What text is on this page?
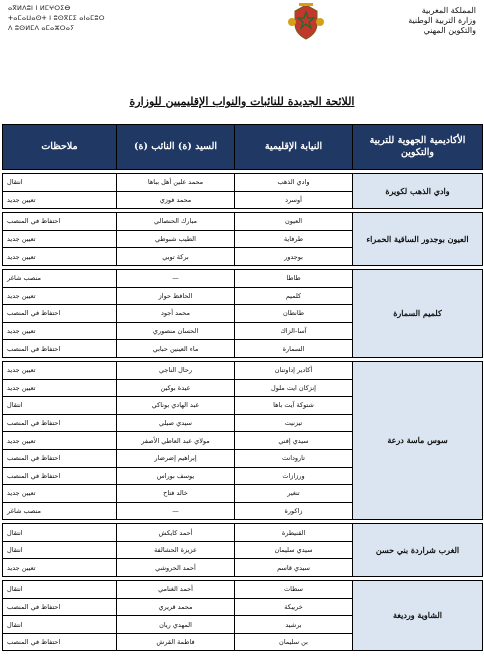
ⴰⴳⵍⴷⵓⵏ ⵏ ⵍⵎⵖⵔⵉⴱ
ⵜⴰⵎⴰⵡⴰⵙⵜ ⵏ ⵓⵙⴳⵎⵉ ⴰⵏⴰⵎⵓⵔ
ⴷ ⵓⵙⵍⵎⴷ ⴰⵎⴰⵣⵔⴰⵢ
المملكة المغربية
وزارة التربية الوطنية
والتكوين المهني
اللائحة الجديدة للنائبات والنواب الإقليميين للوزارة
الأكاديمية الجهوية للتربية والتكوين	النيابة الإقليمية	السيد (ة) النائب (ة)	ملاحظات

وادي الذهب لكويرة	وادي الذهب	محمد علين أهل بباها	انتقال
	أوسرد	محمد فوزي	تعيين جديد

العيون بوجدور الساقية الحمراء	العيون	مبارك الحنصالي	احتفاظ في المنصب
	طرفاية	الطيب شبوطي	تعيين جديد
	بوجدور	بركة توبي	تعيين جديد

كلميم السمارة	طاطا	—	منصب شاغر
	كلميم	الحافظ حواز	تعيين جديد
	طانطان	محمد أجود	احتفاظ في المنصب
	آسا-الزاك	الحسان منصوري	تعيين جديد
	السمارة	ماء العينين حبابي	احتفاظ في المنصب

سوس ماسة درعة	أكادير إداوتنان	رحال الناجي	تعيين جديد
	إنزكان ايت ملول	عيدة بوكين	تعيين جديد
	شتوكة آيت باها	عبد الهادي بوناكي	انتقال
	تيزنيت	سيدي صيلي	احتفاظ في المنصب
	سيدي إفني	مولاي عبد العاطي الأصفر	تعيين جديد
	تارودانت	إبراهيم إضرضار	احتفاظ في المنصب
	ورزازات	يوسف بوراس	احتفاظ في المنصب
	تنغير	خالد فتاح	تعيين جديد
	زاكورة	—	منصب شاغر

الغرب شراردة بني حسن	القنيطرة	أحمد كايكش	انتقال
	سيدي سليمان	عزيزة الحشالفة	انتقال
	سيدي قاسم	أحمد الحروشي	تعيين جديد

الشاوية ورديغة	سطات	أحمد الغنامي	انتقال
	خريبكة	محمد قريري	احتفاظ في المنصب
	برشيد	المهدي ريان	انتقال
	بن سليمان	فاطمة القرش	احتفاظ في المنصب
